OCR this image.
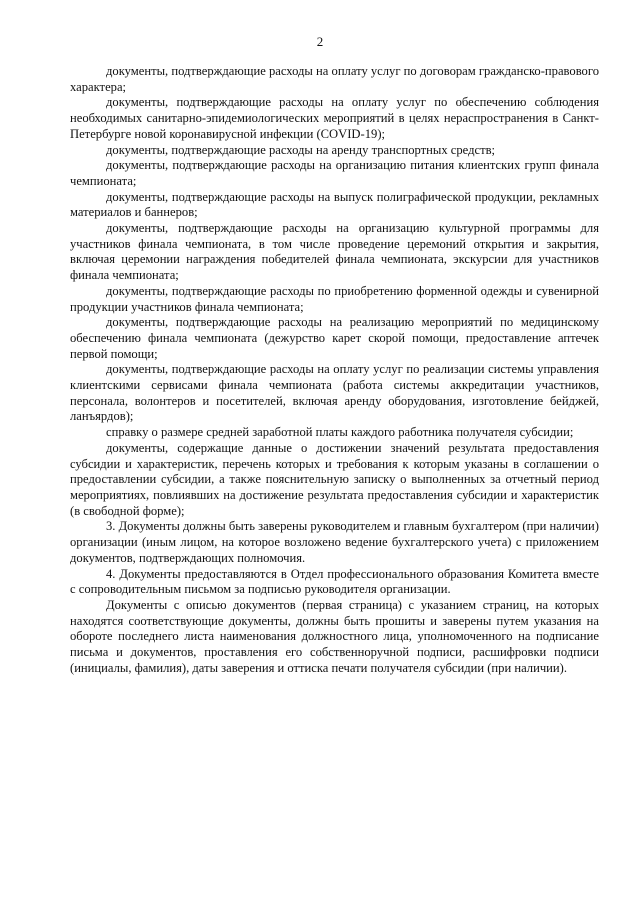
2

документы, подтверждающие расходы на оплату услуг по договорам гражданско-правового характера;

документы, подтверждающие расходы на оплату услуг по обеспечению соблюдения необходимых санитарно-эпидемиологических мероприятий в целях нераспространения в Санкт-Петербурге новой коронавирусной инфекции (COVID-19);

документы, подтверждающие расходы на аренду транспортных средств;

документы, подтверждающие расходы на организацию питания клиентских групп финала чемпионата;

документы, подтверждающие расходы на выпуск полиграфической продукции, рекламных материалов и баннеров;

документы, подтверждающие расходы на организацию культурной программы для участников финала чемпионата, в том числе проведение церемоний открытия и закрытия, включая церемонии награждения победителей финала чемпионата, экскурсии для участников финала чемпионата;

документы, подтверждающие расходы по приобретению форменной одежды и сувенирной продукции участников финала чемпионата;

документы, подтверждающие расходы на реализацию мероприятий по медицинскому обеспечению финала чемпионата (дежурство карет скорой помощи, предоставление аптечек первой помощи;

документы, подтверждающие расходы на оплату услуг по реализации системы управления клиентскими сервисами финала чемпионата (работа системы аккредитации участников, персонала, волонтеров и посетителей, включая аренду оборудования, изготовление бейджей, ланъярдов);

справку о размере средней заработной платы каждого работника получателя субсидии;

документы, содержащие данные о достижении значений результата предоставления субсидии и характеристик, перечень которых и требования к которым указаны в соглашении о предоставлении субсидии, а также пояснительную записку о выполненных за отчетный период мероприятиях, повлиявших на достижение результата предоставления субсидии и характеристик (в свободной форме);

3. Документы должны быть заверены руководителем и главным бухгалтером (при наличии) организации (иным лицом, на которое возложено ведение бухгалтерского учета) с приложением документов, подтверждающих полномочия.

4. Документы предоставляются в Отдел профессионального образования Комитета вместе с сопроводительным письмом за подписью руководителя организации.

Документы с описью документов (первая страница) с указанием страниц, на которых находятся соответствующие документы, должны быть прошиты и заверены путем указания на обороте последнего листа наименования должностного лица, уполномоченного на подписание письма и документов, проставления его собственноручной подписи, расшифровки подписи (инициалы, фамилия), даты заверения и оттиска печати получателя субсидии (при наличии).
